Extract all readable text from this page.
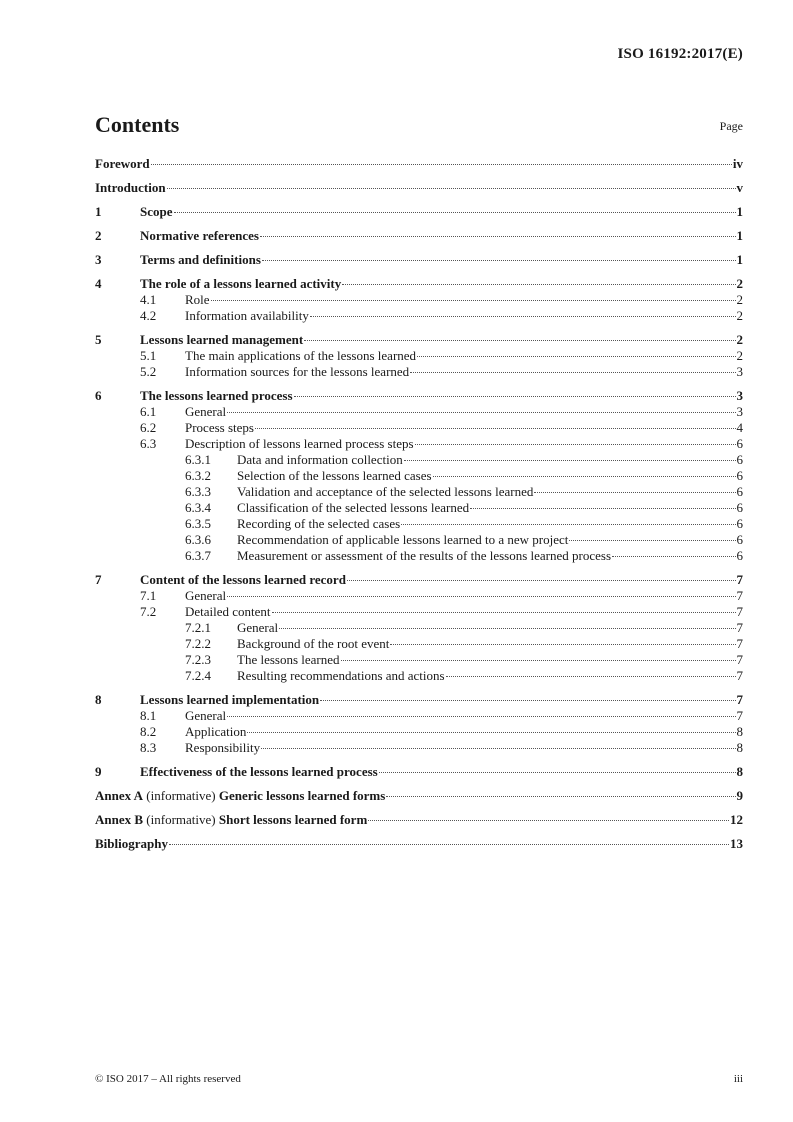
ISO 16192:2017(E)
Contents	Page
Foreword	iv
Introduction	v
1	Scope	1
2	Normative references	1
3	Terms and definitions	1
4	The role of a lessons learned activity	2
4.1	Role	2
4.2	Information availability	2
5	Lessons learned management	2
5.1	The main applications of the lessons learned	2
5.2	Information sources for the lessons learned	3
6	The lessons learned process	3
6.1	General	3
6.2	Process steps	4
6.3	Description of lessons learned process steps	6
6.3.1	Data and information collection	6
6.3.2	Selection of the lessons learned cases	6
6.3.3	Validation and acceptance of the selected lessons learned	6
6.3.4	Classification of the selected lessons learned	6
6.3.5	Recording of the selected cases	6
6.3.6	Recommendation of applicable lessons learned to a new project	6
6.3.7	Measurement or assessment of the results of the lessons learned process	6
7	Content of the lessons learned record	7
7.1	General	7
7.2	Detailed content	7
7.2.1	General	7
7.2.2	Background of the root event	7
7.2.3	The lessons learned	7
7.2.4	Resulting recommendations and actions	7
8	Lessons learned implementation	7
8.1	General	7
8.2	Application	8
8.3	Responsibility	8
9	Effectiveness of the lessons learned process	8
Annex A (informative) Generic lessons learned forms	9
Annex B (informative) Short lessons learned form	12
Bibliography	13
© ISO 2017 – All rights reserved	iii
